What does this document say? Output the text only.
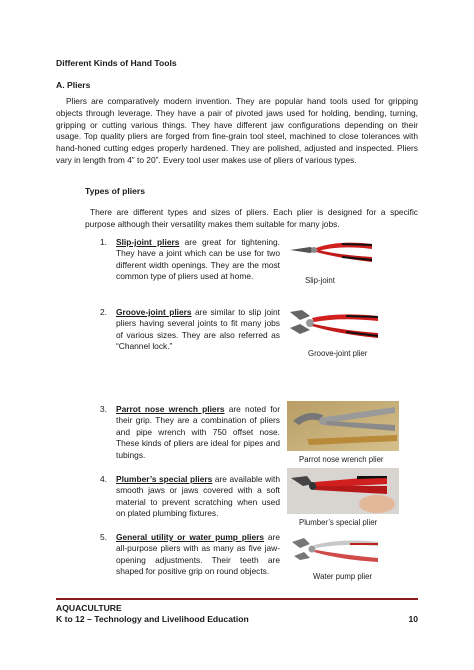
Different Kinds of Hand Tools
A. Pliers
Pliers are comparatively modern invention. They are popular hand tools used for gripping objects through leverage. They have a pair of pivoted jaws used for holding, bending, turning, gripping or cutting various things. They have different jaw configurations depending on their usage. Top quality pliers are forged from fine-grain tool steel, machined to close tolerances with hand-honed cutting edges properly hardened. They are polished, adjusted and inspected. Pliers vary in length from 4” to 20”. Every tool user makes use of pliers of various types.
Types of pliers
There are different types and sizes of pliers. Each plier is designed for a specific purpose although their versatility makes them suitable for many jobs.
1. Slip-joint pliers are great for tightening. They have a joint which can be use for two different width openings. They are the most common type of pliers used at home.	Slip-joint
2. Groove-joint pliers are similar to slip joint pliers having several joints to fit many jobs of various sizes. They are also referred as “Channel lock.”
Groove-joint plier
3. Parrot nose wrench pliers are noted for their grip. They are a combination of pliers and pipe wrench with 750 offset nose. These kinds of pliers are ideal for pipes and tubings.	Parrot nose wrench plier
4. Plumber’s special pliers are available with smooth jaws or jaws covered with a soft material to prevent scratching when used on plated plumbing fixtures.
Plumber’s special plier
5. General utility or water pump pliers are all-purpose pliers with as many as five jaw-opening adjustments. Their teeth are shaped for positive grip on round objects.
Water pump plier
AQUACULTURE
K to 12 – Technology and Livelihood Education	10
